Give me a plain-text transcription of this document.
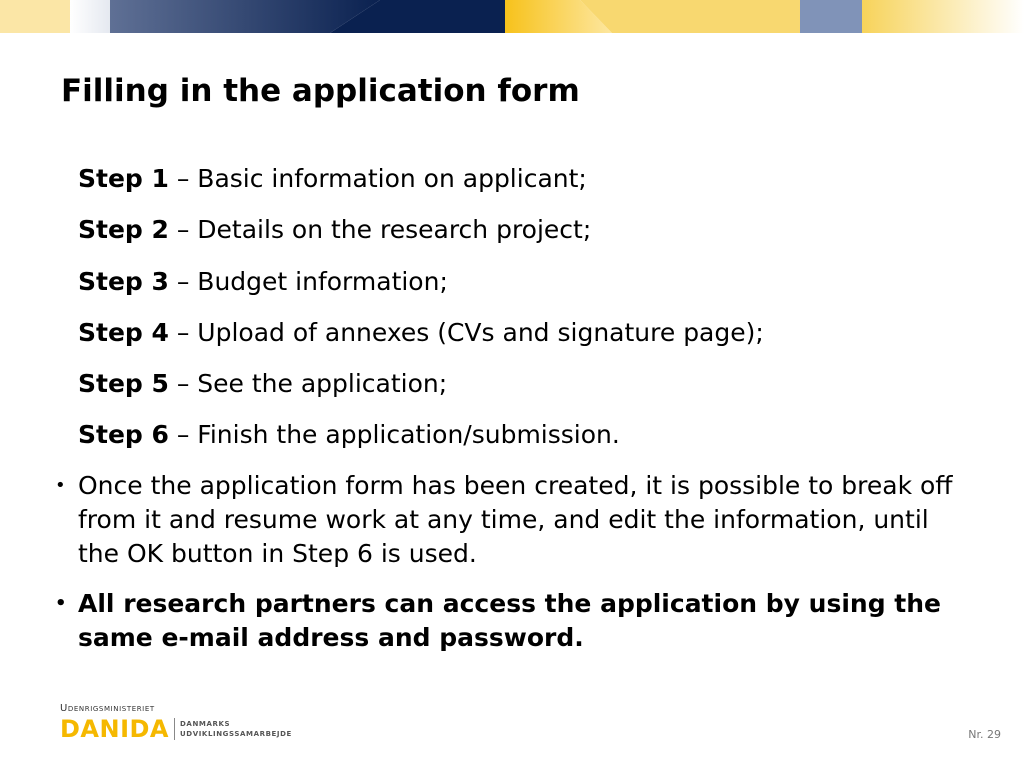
Filling in the application form
Step 1 – Basic information on applicant;
Step 2 – Details on the research project;
Step 3 – Budget information;
Step 4 – Upload of annexes (CVs and signature page);
Step 5 – See the application;
Step 6 – Finish the application/submission.
• Once the application form has been created, it is possible to break off from it and resume work at any time, and edit the information, until the OK button in Step 6 is used.
• All research partners can access the application by using the same e-mail address and password.
Udenrigsministeriet
DANIDA DANMARKS
UDVIKLINGSSAMARBEJDE	Nr. 29
